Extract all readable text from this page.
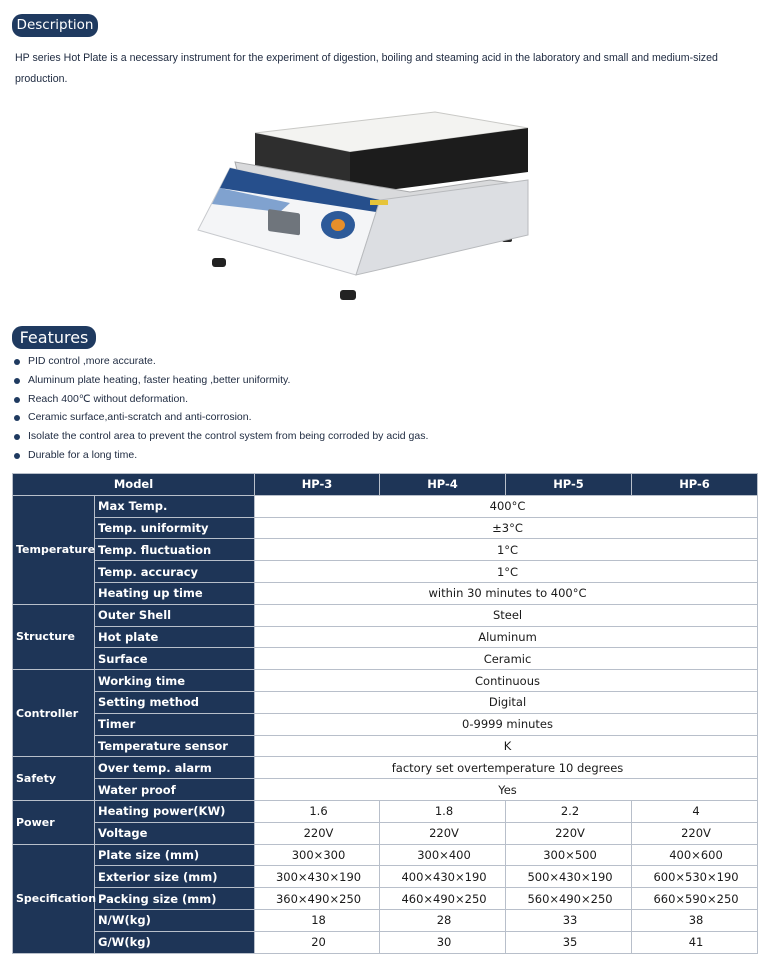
Description
HP series Hot Plate is a necessary instrument for the experiment of digestion, boiling and steaming acid in the laboratory and small and medium-sized production.
Features
PID control ,more accurate.
Aluminum plate heating, faster heating ,better uniformity.
Reach 400℃ without deformation.
Ceramic surface,anti-scratch and anti-corrosion.
Isolate the control area to prevent the control system from being corroded by acid gas.
Durable for a long time.
Model		HP-3	HP-4	HP-5	HP-6
Temperature	Max Temp.	400°C			
	Temp. uniformity	±3°C			
	Temp. fluctuation	1°C			
	Temp. accuracy	1°C			
	Heating up time	within 30 minutes to 400°C			
Structure	Outer Shell	Steel			
	Hot plate	Aluminum			
	Surface	Ceramic			
Controller	Working time	Continuous			
	Setting method	Digital			
	Timer	0-9999 minutes			
	Temperature sensor	K			
Safety	Over temp. alarm	factory set overtemperature 10 degrees			
	Water proof	Yes			
Power	Heating power(KW)	1.6	1.8	2.2	4
	Voltage	220V	220V	220V	220V
Specification	Plate size (mm)	300×300	300×400	300×500	400×600
	Exterior size (mm)	300×430×190	400×430×190	500×430×190	600×530×190
	Packing size (mm)	360×490×250	460×490×250	560×490×250	660×590×250
	N/W(kg)	18	28	33	38
	G/W(kg)	20	30	35	41
